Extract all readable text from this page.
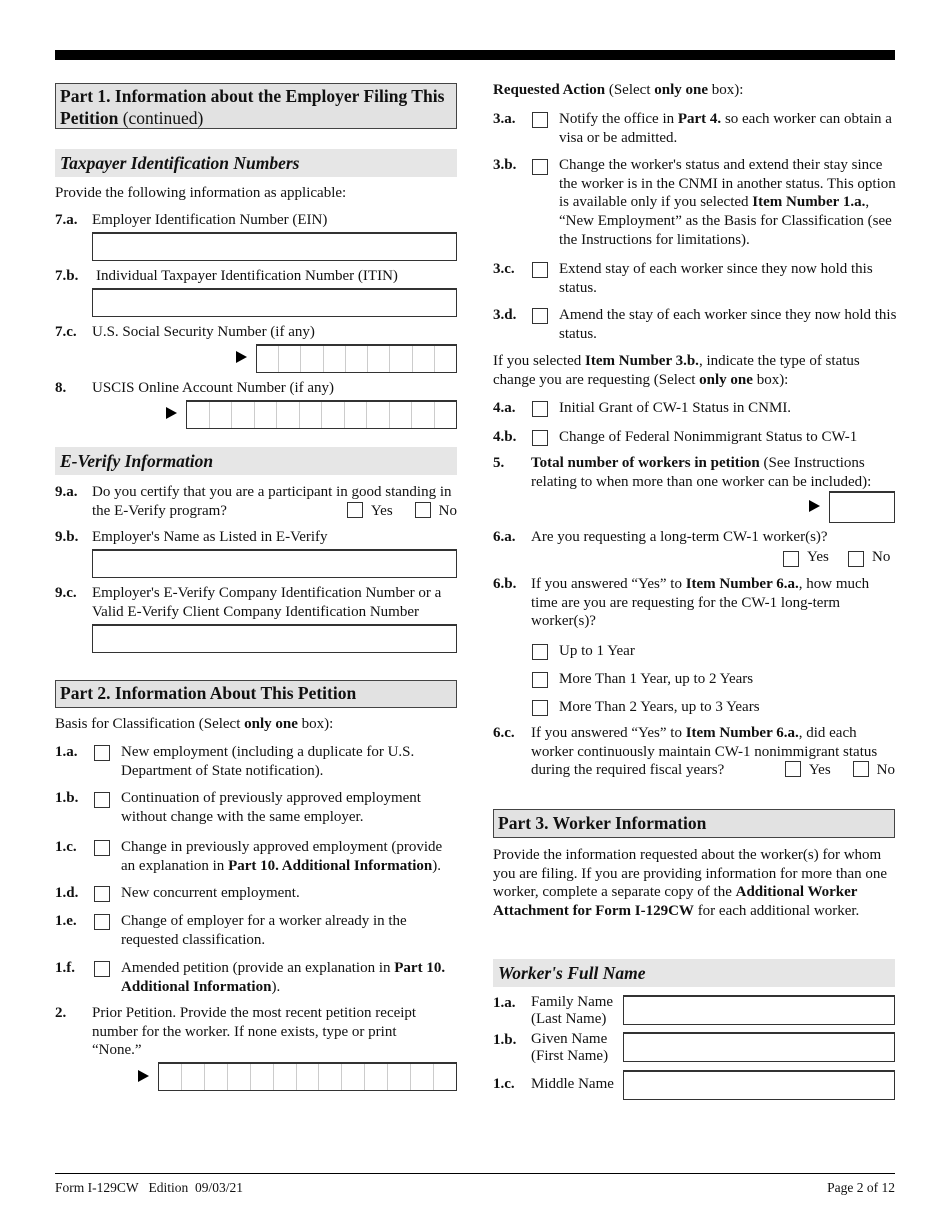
Part 1. Information about the Employer Filing This Petition (continued)
Taxpayer Identification Numbers
Provide the following information as applicable:
7.a. Employer Identification Number (EIN)
7.b. Individual Taxpayer Identification Number (ITIN)
7.c. U.S. Social Security Number (if any)
8. USCIS Online Account Number (if any)
E-Verify Information
9.a. Do you certify that you are a participant in good standing in the E-Verify program?	Yes	No
9.b. Employer's Name as Listed in E-Verify
9.c. Employer's E-Verify Company Identification Number or a Valid E-Verify Client Company Identification Number
Part 2. Information About This Petition
Basis for Classification (Select only one box):
1.a.	New employment (including a duplicate for U.S. Department of State notification).
1.b.	Continuation of previously approved employment without change with the same employer.
1.c.	Change in previously approved employment (provide an explanation in Part 10. Additional Information).
1.d.	New concurrent employment.
1.e.	Change of employer for a worker already in the requested classification.
1.f.	Amended petition (provide an explanation in Part 10. Additional Information).
2. Prior Petition. Provide the most recent petition receipt number for the worker. If none exists, type or print “None.”
Requested Action (Select only one box):
3.a.	Notify the office in Part 4. so each worker can obtain a visa or be admitted.
3.b.	Change the worker's status and extend their stay since the worker is in the CNMI in another status. This option is available only if you selected Item Number 1.a., “New Employment” as the Basis for Classification (see the Instructions for limitations).
3.c.	Extend stay of each worker since they now hold this status.
3.d.	Amend the stay of each worker since they now hold this status.
If you selected Item Number 3.b., indicate the type of status change you are requesting (Select only one box):
4.a.	Initial Grant of CW-1 Status in CNMI.
4.b.	Change of Federal Nonimmigrant Status to CW-1
5. Total number of workers in petition (See Instructions relating to when more than one worker can be included):
6.a. Are you requesting a long-term CW-1 worker(s)?
Yes	No
6.b. If you answered “Yes” to Item Number 6.a., how much time are you are requesting for the CW-1 long-term worker(s)?
Up to 1 Year
More Than 1 Year, up to 2 Years
More Than 2 Years, up to 3 Years
6.c. If you answered “Yes” to Item Number 6.a., did each worker continuously maintain CW-1 nonimmigrant status during the required fiscal years?	Yes	No
Part 3. Worker Information
Provide the information requested about the worker(s) for whom you are filing. If you are providing information for more than one worker, complete a separate copy of the Additional Worker Attachment for Form I-129CW for each additional worker.
Worker's Full Name
1.a. Family Name (Last Name)
1.b. Given Name (First Name)
1.c. Middle Name
Form I-129CW   Edition  09/03/21	Page 2 of 12
